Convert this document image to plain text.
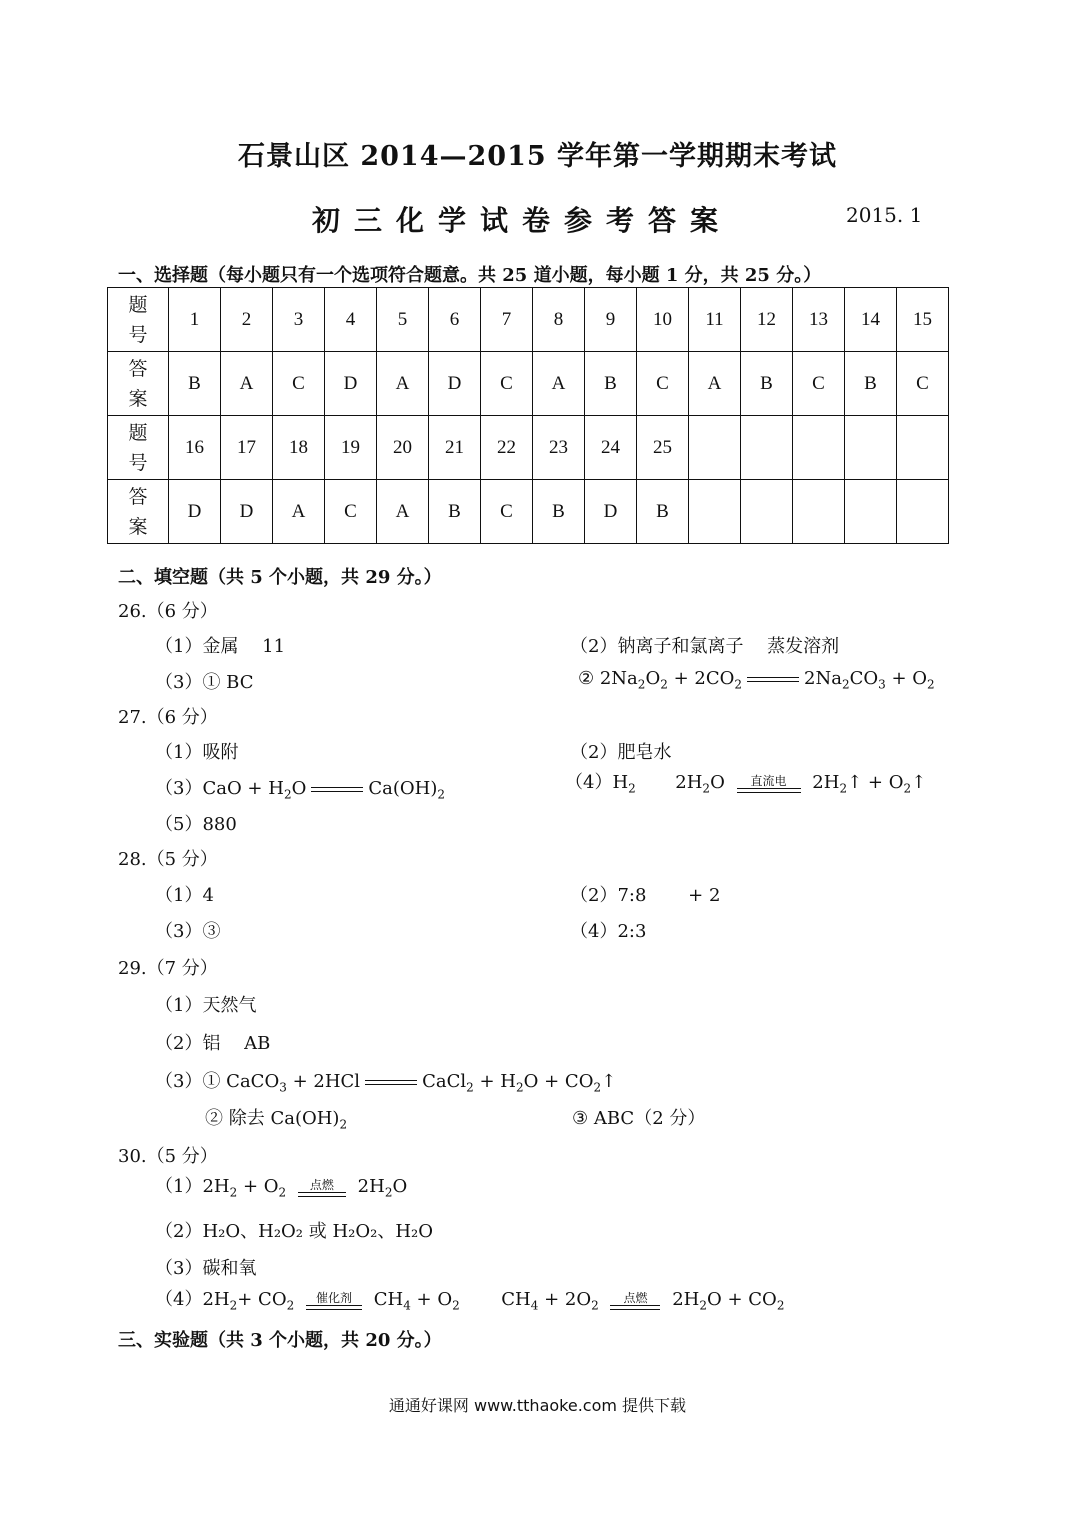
石景山区 2014—2015 学年第一学期期末考试
初三化学试卷参考答案	2015. 1
一、选择题（每小题只有一个选项符合题意。共 25 道小题，每小题 1 分，共 25 分。）
题
号	1	2	3	4	5	6	7	8	9	10	11	12	13	14	15
答
案	B	A	C	D	A	D	C	A	B	C	A	B	C	B	C
题
号	16	17	18	19	20	21	22	23	24	25					
答
案	D	D	A	C	A	B	C	B	D	B					
二、填空题（共 5 个小题，共 29 分。）
26.（6 分）
（1）金属　 11	（2）钠离子和氯离子　 蒸发溶剂
（3）① BC	② $2Na_2O_2 + 2CO_2$	$2Na_2CO_3 + O_2$
27.（6 分）
（1）吸附	（2）肥皂水
$(3)CaO + H_2O$	$Ca(OH)_2$
$(4)H_2$ $2H_2O$	直流电	$2H_2↑$ + $O_2↑$
（5）880
28.（5 分）
（1）4	（2）7:8　　 + 2
（3）③	（4）2:3
29.（7 分）
（1）天然气
（2）铝　 AB
（3）① CaCO$_3$ + 2HCl	CaCl$_2$ + $H_2O$ + $CO_2↑$
② 除去 $Ca(OH)_2$	③ ABC（2 分）
30.（5 分）
$(1)2H_2 + O_2$
点燃	$2H_2O$
（2）H₂O、H₂O₂ 或 H₂O₂、H₂O
（3）碳和氧
$(4)2H_2+ CO_2$
催化剂	$CH_4 + O_2$ $CH_4 + 2O_2$
点燃	$2H_2O + CO_2$
三、实验题（共 3 个小题，共 20 分。）
通通好课网 www.tthaoke.com 提供下载
